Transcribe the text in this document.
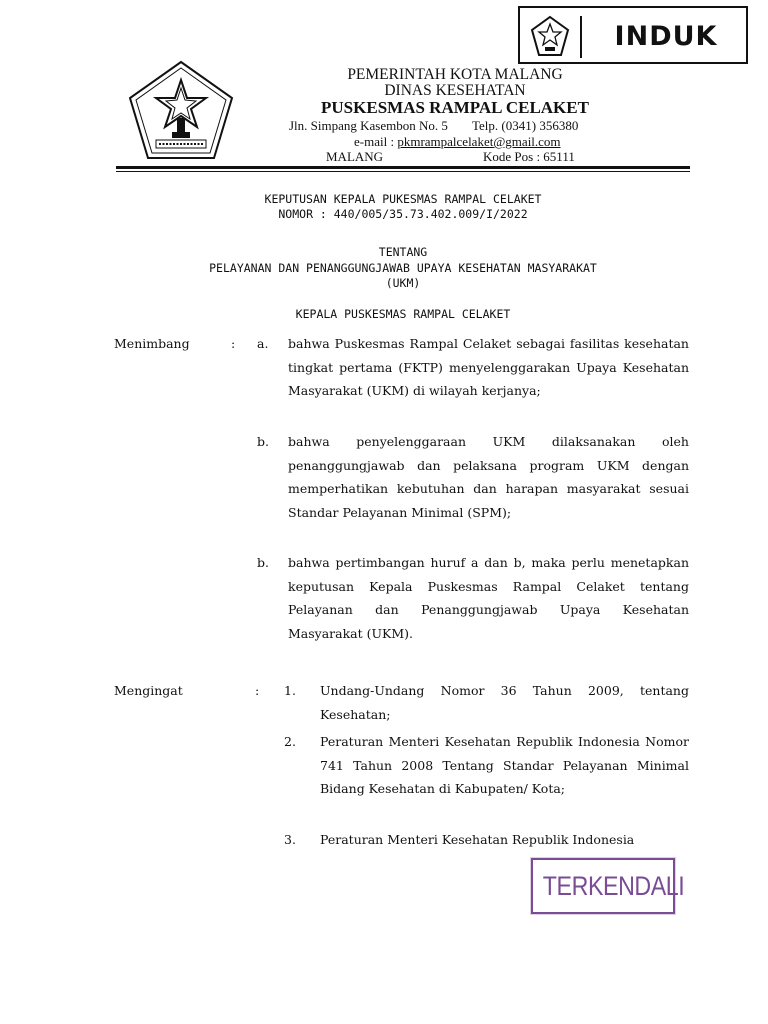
INDUK
PEMERINTAH KOTA MALANG
DINAS KESEHATAN
PUSKESMAS RAMPAL CELAKET
Jln. Simpang Kasembon No. 5 Telp. (0341) 356380
e-mail : pkmrampalcelaket@gmail.com
MALANG	Kode Pos : 65111
KEPUTUSAN KEPALA PUKESMAS RAMPAL CELAKET
NOMOR : 440/005/35.73.402.009/I/2022
TENTANG
PELAYANAN DAN PENANGGUNGJAWAB UPAYA KESEHATAN MASYARAKAT
(UKM)
KEPALA PUSKESMAS RAMPAL CELAKET
Menimbang	: a. bahwa Puskesmas Rampal Celaket sebagai fasilitas kesehatan tingkat pertama (FKTP) menyelenggarakan Upaya Kesehatan Masyarakat (UKM) di wilayah kerjanya;
b. bahwa penyelenggaraan UKM dilaksanakan oleh penanggungjawab dan pelaksana program UKM dengan memperhatikan kebutuhan dan harapan masyarakat sesuai Standar Pelayanan Minimal (SPM);
b. bahwa pertimbangan huruf a dan b, maka perlu menetapkan keputusan Kepala Puskesmas Rampal Celaket tentang Pelayanan dan Penanggungjawab Upaya Kesehatan Masyarakat (UKM).
Mengingat	: 1. Undang-Undang Nomor 36 Tahun 2009, tentang Kesehatan;
2. Peraturan Menteri Kesehatan Republik Indonesia Nomor 741 Tahun 2008 Tentang Standar Pelayanan Minimal Bidang Kesehatan di Kabupaten/ Kota;
3. Peraturan Menteri Kesehatan Republik Indonesia
TERKENDALI
